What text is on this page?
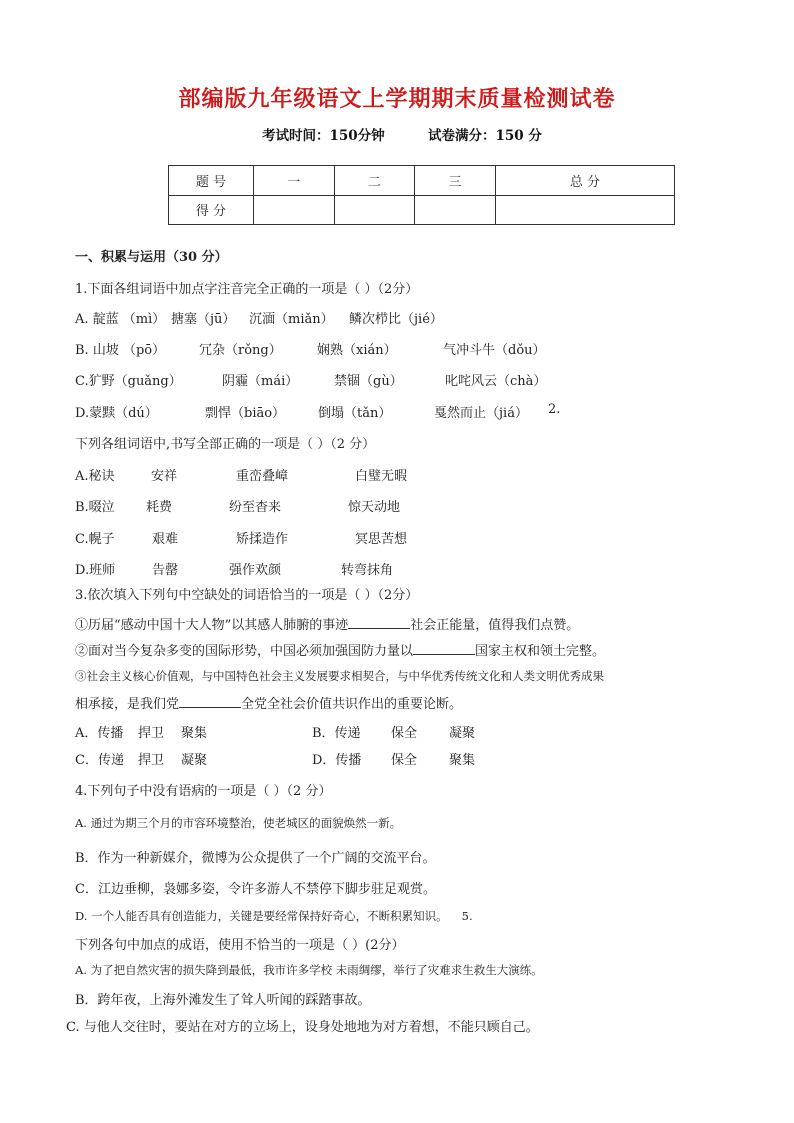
部编版九年级语文上学期期末质量检测试卷
考试时间：150分钟	试卷满分：150 分
题 号	一	二	三	总 分
得 分				
一、积累与运用（30 分）
1.下面各组词语中加点字注音完全正确的一项是（ ）（2分）
A. 靛蓝 （mì） 搪塞（jū） 沉湎（miǎn） 鳞次栉比（jié）
B. 山坡 （pō）	冗杂（rǒng）	娴熟（xián）	气冲斗牛（dǒu）
C.犷野（guǎng）	阴霾（mái）	禁锢（gù）	叱咤风云（chà）
D.蒙黩（dú）	剽悍（biāo）	倒塌（tǎn）	戛然而止（jiá） 2.
下列各组词语中,书写全部正确的一项是（ ）（2 分）
A.秘诀	安祥	重峦叠嶂	白璧无暇
B.啜泣 耗费	纷至杳来	惊天动地
C.幌子	艰难	矫揉造作	冥思苦想
D.班师	告罄	强作欢颜	转弯抹角
3.依次填入下列句中空缺处的词语恰当的一项是（ ）（2分）
①历届“感动中国十大人物”以其感人肺腑的事迹	社会正能量，值得我们点赞。
②面对当今复杂多变的国际形势，中国必须加强国防力量以	国家主权和领土完整。
③社会主义核心价值观，与中国特色社会主义发展要求相契合，与中华优秀传统文化和人类文明优秀成果
相承接，是我们党	全党全社会价值共识作出的重要论断。
A．传播 捍卫 聚集	B．传递 保全 凝聚
C．传递 捍卫 凝聚	D．传播 保全 聚集
4.下列句子中没有语病的一项是（ ）（2 分）
A. 通过为期三个月的市容环境整治，使老城区的面貌焕然一新。
B．作为一种新媒介，微博为公众提供了一个广阔的交流平台。
C．江边垂柳，袅娜多姿，令许多游人不禁停下脚步驻足观赏。
D. 一个人能否具有创造能力，关键是要经常保持好奇心，不断积累知识。 5.
下列各句中加点的成语，使用不恰当的一项是（ ）(2分）
A. 为了把自然灾害的损失降到最低，我市许多学校 未雨绸缪，举行了灾难求生救生大演练。
B．跨年夜，上海外滩发生了耸人听闻的踩踏事故。
C. 与他人交往时，要站在对方的立场上，设身处地地为对方着想，不能只顾自己。
